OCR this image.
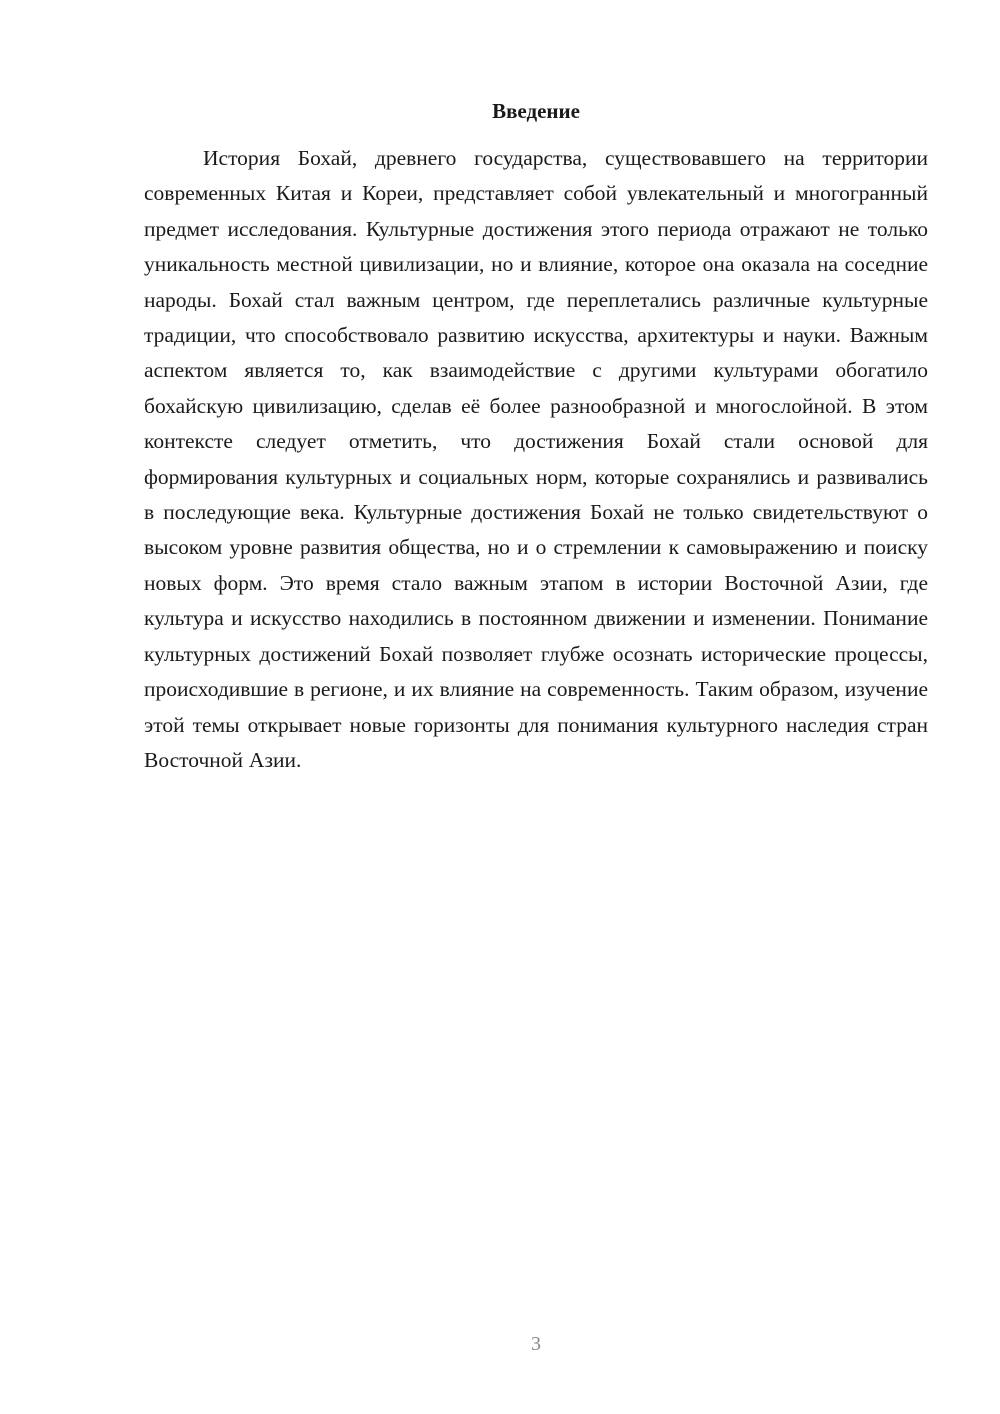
Введение

История Бохай, древнего государства, существовавшего на территории современных Китая и Кореи, представляет собой увлекательный и многогранный предмет исследования. Культурные достижения этого периода отражают не только уникальность местной цивилизации, но и влияние, которое она оказала на соседние народы. Бохай стал важным центром, где переплетались различные культурные традиции, что способствовало развитию искусства, архитектуры и науки. Важным аспектом является то, как взаимодействие с другими культурами обогатило бохайскую цивилизацию, сделав её более разнообразной и многослойной. В этом контексте следует отметить, что достижения Бохай стали основой для формирования культурных и социальных норм, которые сохранялись и развивались в последующие века. Культурные достижения Бохай не только свидетельствуют о высоком уровне развития общества, но и о стремлении к самовыражению и поиску новых форм. Это время стало важным этапом в истории Восточной Азии, где культура и искусство находились в постоянном движении и изменении. Понимание культурных достижений Бохай позволяет глубже осознать исторические процессы, происходившие в регионе, и их влияние на современность. Таким образом, изучение этой темы открывает новые горизонты для понимания культурного наследия стран Восточной Азии.

3
